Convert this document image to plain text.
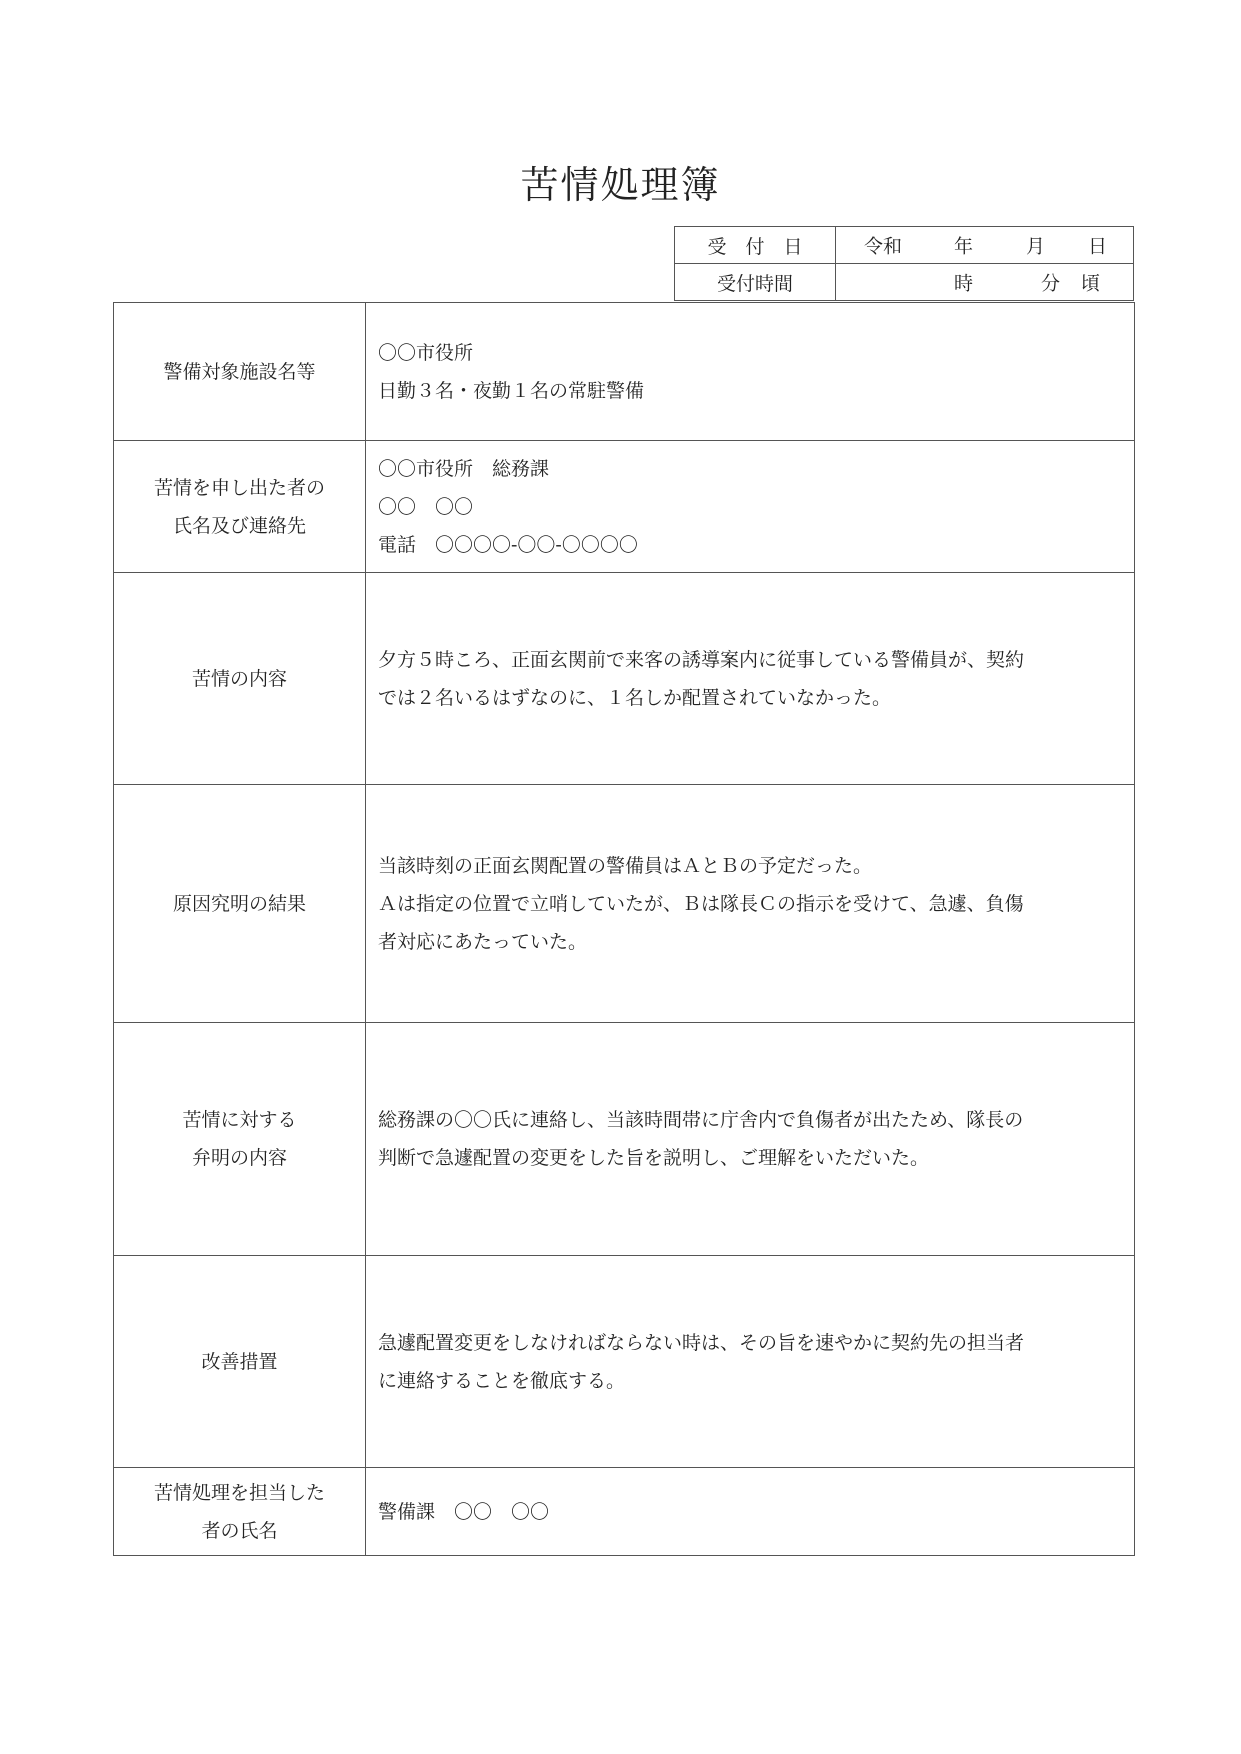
苦情処理簿
受　付　日	令和 年 月 日

受付時間	時 分 頃
警備対象施設名等	〇〇市役所
日勤３名・夜勤１名の常駐警備

苦情を申し出た者の
氏名及び連絡先	〇〇市役所　総務課
〇〇　〇〇
電話　〇〇〇〇-〇〇-〇〇〇〇

苦情の内容	夕方５時ころ、正面玄関前で来客の誘導案内に従事している警備員が、契約
では２名いるはずなのに、１名しか配置されていなかった。

原因究明の結果	当該時刻の正面玄関配置の警備員はＡとＢの予定だった。
Ａは指定の位置で立哨していたが、Ｂは隊長Ｃの指示を受けて、急遽、負傷
者対応にあたっていた。

苦情に対する
弁明の内容	総務課の〇〇氏に連絡し、当該時間帯に庁舎内で負傷者が出たため、隊長の
判断で急遽配置の変更をした旨を説明し、ご理解をいただいた。

改善措置	急遽配置変更をしなければならない時は、その旨を速やかに契約先の担当者
に連絡することを徹底する。

苦情処理を担当した
者の氏名	警備課　〇〇　〇〇
